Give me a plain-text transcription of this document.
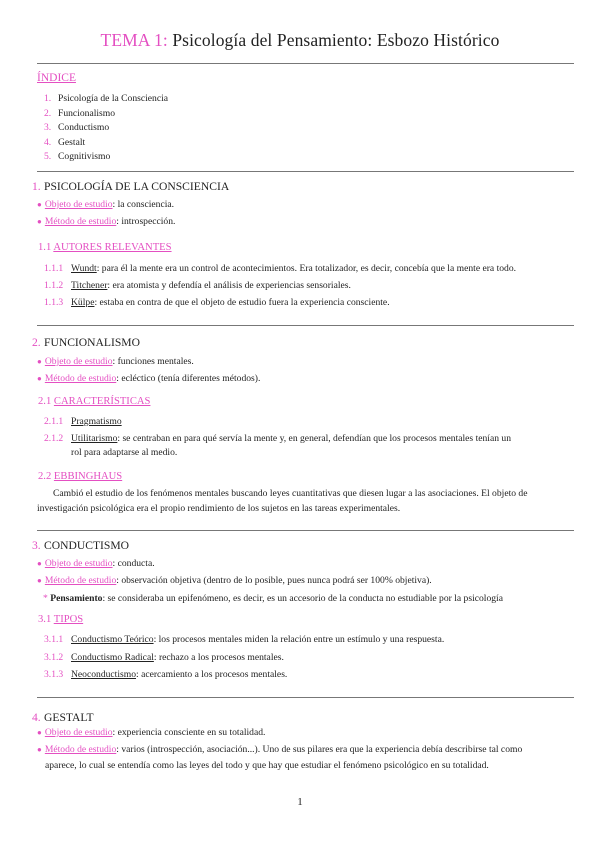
TEMA 1: Psicología del Pensamiento: Esbozo Histórico
ÍNDICE
1. Psicología de la Consciencia
2. Funcionalismo
3. Conductismo
4. Gestalt
5. Cognitivismo
1. PSICOLOGÍA DE LA CONSCIENCIA
● Objeto de estudio: la consciencia.
● Método de estudio: introspección.
1.1 AUTORES RELEVANTES
1.1.1 Wundt: para él la mente era un control de acontecimientos. Era totalizador, es decir, concebía que la mente era todo.
1.1.2 Titchener: era atomista y defendía el análisis de experiencias sensoriales.
1.1.3 Külpe: estaba en contra de que el objeto de estudio fuera la experiencia consciente.
2. FUNCIONALISMO
● Objeto de estudio: funciones mentales.
● Método de estudio: ecléctico (tenía diferentes métodos).
2.1 CARACTERÍSTICAS
2.1.1 Pragmatismo
2.1.2 Utilitarismo: se centraban en para qué servía la mente y, en general, defendían que los procesos mentales tenían un
rol para adaptarse al medio.
2.2 EBBINGHAUS
Cambió el estudio de los fenómenos mentales buscando leyes cuantitativas que diesen lugar a las asociaciones. El objeto de
investigación psicológica era el propio rendimiento de los sujetos en las tareas experimentales.
3. CONDUCTISMO
● Objeto de estudio: conducta.
● Método de estudio: observación objetiva (dentro de lo posible, pues nunca podrá ser 100% objetiva).
* Pensamiento: se consideraba un epifenómeno, es decir, es un accesorio de la conducta no estudiable por la psicología
3.1 TIPOS
3.1.1 Conductismo Teórico: los procesos mentales miden la relación entre un estímulo y una respuesta.
3.1.2 Conductismo Radical: rechazo a los procesos mentales.
3.1.3 Neoconductismo: acercamiento a los procesos mentales.
4. GESTALT
● Objeto de estudio: experiencia consciente en su totalidad.
● Método de estudio: varios (introspección, asociación...). Uno de sus pilares era que la experiencia debía describirse tal como
aparece, lo cual se entendía como las leyes del todo y que hay que estudiar el fenómeno psicológico en su totalidad.
1
